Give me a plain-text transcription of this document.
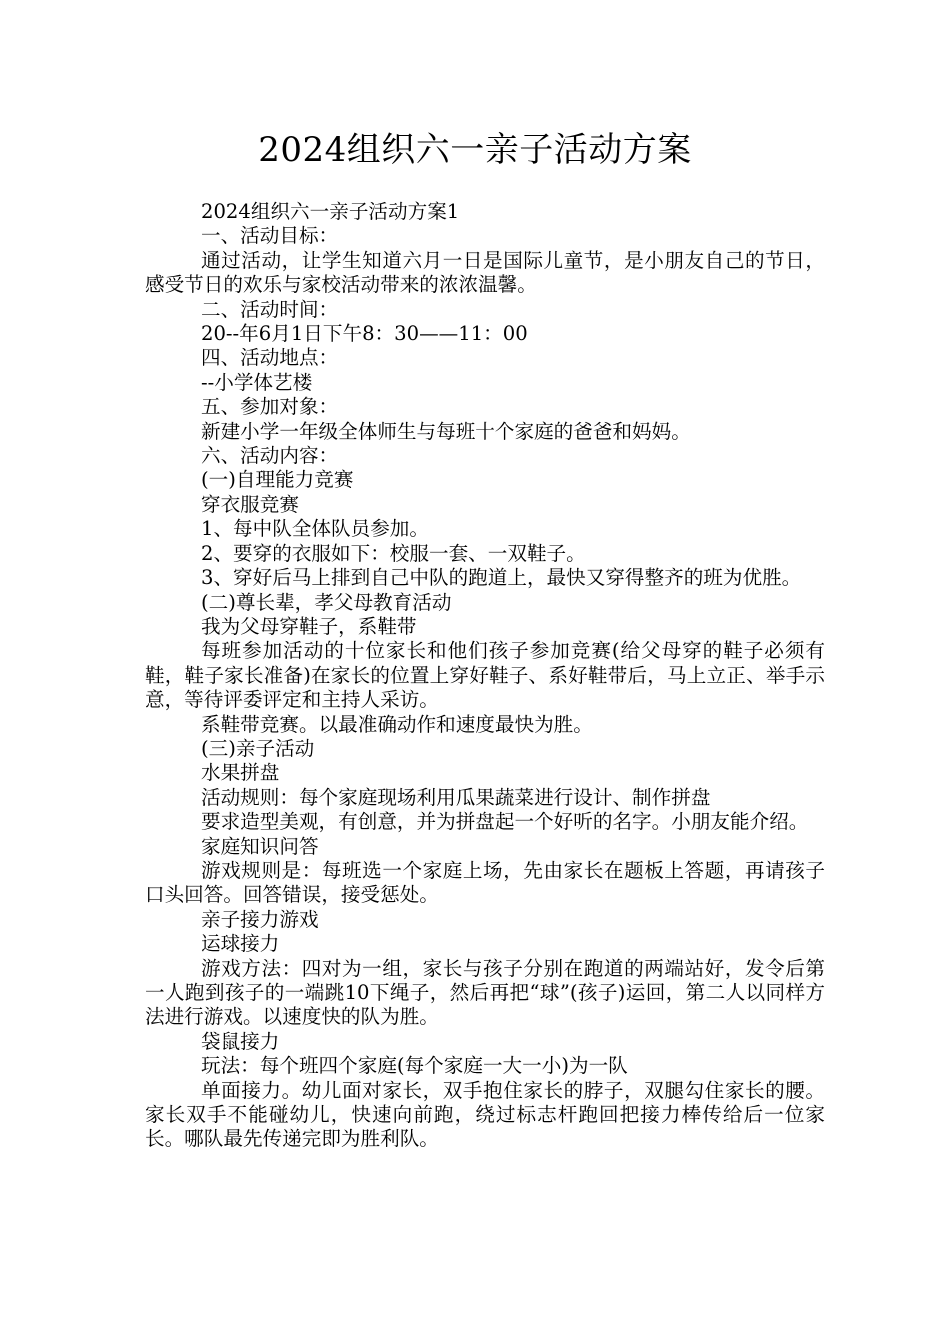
2024组织六一亲子活动方案

2024组织六一亲子活动方案1

一、活动目标：

通过活动，让学生知道六月一日是国际儿童节，是小朋友自己的节日，感受节日的欢乐与家校活动带来的浓浓温馨。

二、活动时间：

20--年6月1日下午8：30——11：00

四、活动地点：

--小学体艺楼

五、参加对象：

新建小学一年级全体师生与每班十个家庭的爸爸和妈妈。

六、活动内容：

(一)自理能力竞赛

穿衣服竞赛

1、每中队全体队员参加。

2、要穿的衣服如下：校服一套、一双鞋子。

3、穿好后马上排到自己中队的跑道上，最快又穿得整齐的班为优胜。

(二)尊长辈，孝父母教育活动

我为父母穿鞋子，系鞋带

每班参加活动的十位家长和他们孩子参加竞赛(给父母穿的鞋子必须有鞋，鞋子家长准备)在家长的位置上穿好鞋子、系好鞋带后，马上立正、举手示意，等待评委评定和主持人采访。

系鞋带竞赛。以最准确动作和速度最快为胜。

(三)亲子活动

水果拼盘

活动规则：每个家庭现场利用瓜果蔬菜进行设计、制作拼盘

要求造型美观，有创意，并为拼盘起一个好听的名字。小朋友能介绍。

家庭知识问答

游戏规则是：每班选一个家庭上场，先由家长在题板上答题，再请孩子口头回答。回答错误，接受惩处。

亲子接力游戏

运球接力

游戏方法：四对为一组，家长与孩子分别在跑道的两端站好，发令后第一人跑到孩子的一端跳10下绳子，然后再把“球”(孩子)运回，第二人以同样方法进行游戏。以速度快的队为胜。

袋鼠接力

玩法：每个班四个家庭(每个家庭一大一小)为一队

单面接力。幼儿面对家长，双手抱住家长的脖子，双腿勾住家长的腰。家长双手不能碰幼儿，快速向前跑，绕过标志杆跑回把接力棒传给后一位家长。哪队最先传递完即为胜利队。
